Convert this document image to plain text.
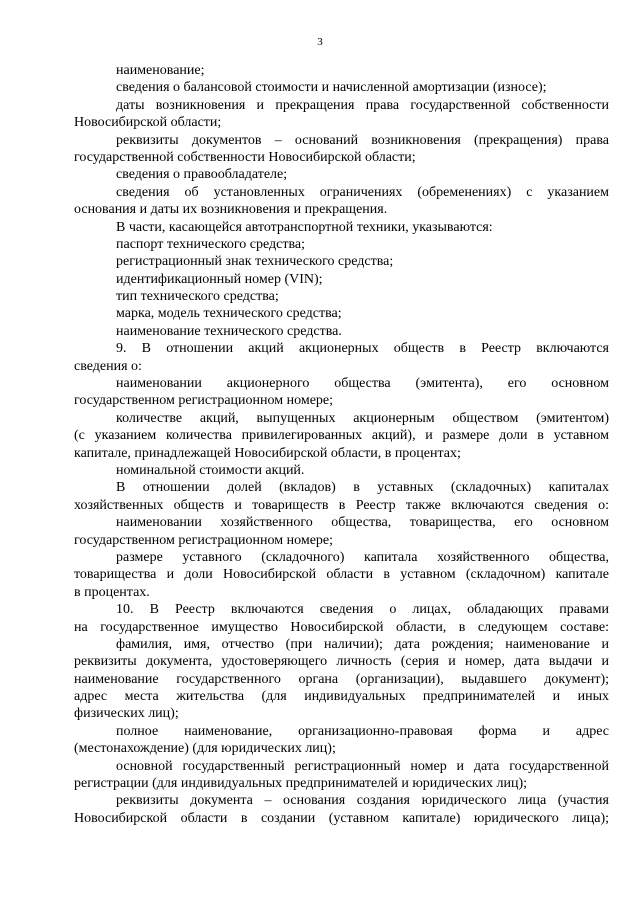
3
наименование;
сведения о балансовой стоимости и начисленной амортизации (износе);
даты возникновения и прекращения права государственной собственности
Новосибирской области;
реквизиты документов – оснований возникновения (прекращения) права
государственной собственности Новосибирской области;
сведения о правообладателе;
сведения об установленных ограничениях (обременениях) с указанием
основания и даты их возникновения и прекращения.
В части, касающейся автотранспортной техники, указываются:
паспорт технического средства;
регистрационный знак технического средства;
идентификационный номер (VIN);
тип технического средства;
марка, модель технического средства;
наименование технического средства.
9. В отношении акций акционерных обществ в Реестр включаются
сведения о:
наименовании акционерного общества (эмитента), его основном
государственном регистрационном номере;
количестве акций, выпущенных акционерным обществом (эмитентом)
(с указанием количества привилегированных акций), и размере доли в уставном
капитале, принадлежащей Новосибирской области, в процентах;
номинальной стоимости акций.
В отношении долей (вкладов) в уставных (складочных) капиталах
хозяйственных обществ и товариществ в Реестр также включаются сведения о:
наименовании хозяйственного общества, товарищества, его основном
государственном регистрационном номере;
размере уставного (складочного) капитала хозяйственного общества,
товарищества и доли Новосибирской области в уставном (складочном) капитале
в процентах.
10. В Реестр включаются сведения о лицах, обладающих правами
на государственное имущество Новосибирской области, в следующем составе:
фамилия, имя, отчество (при наличии); дата рождения; наименование и
реквизиты документа, удостоверяющего личность (серия и номер, дата выдачи и
наименование государственного органа (организации), выдавшего документ);
адрес места жительства (для индивидуальных предпринимателей и иных
физических лиц);
полное наименование, организационно-правовая форма и адрес
(местонахождение) (для юридических лиц);
основной государственный регистрационный номер и дата государственной
регистрации (для индивидуальных предпринимателей и юридических лиц);
реквизиты документа – основания создания юридического лица (участия
Новосибирской области в создании (уставном капитале) юридического лица);
